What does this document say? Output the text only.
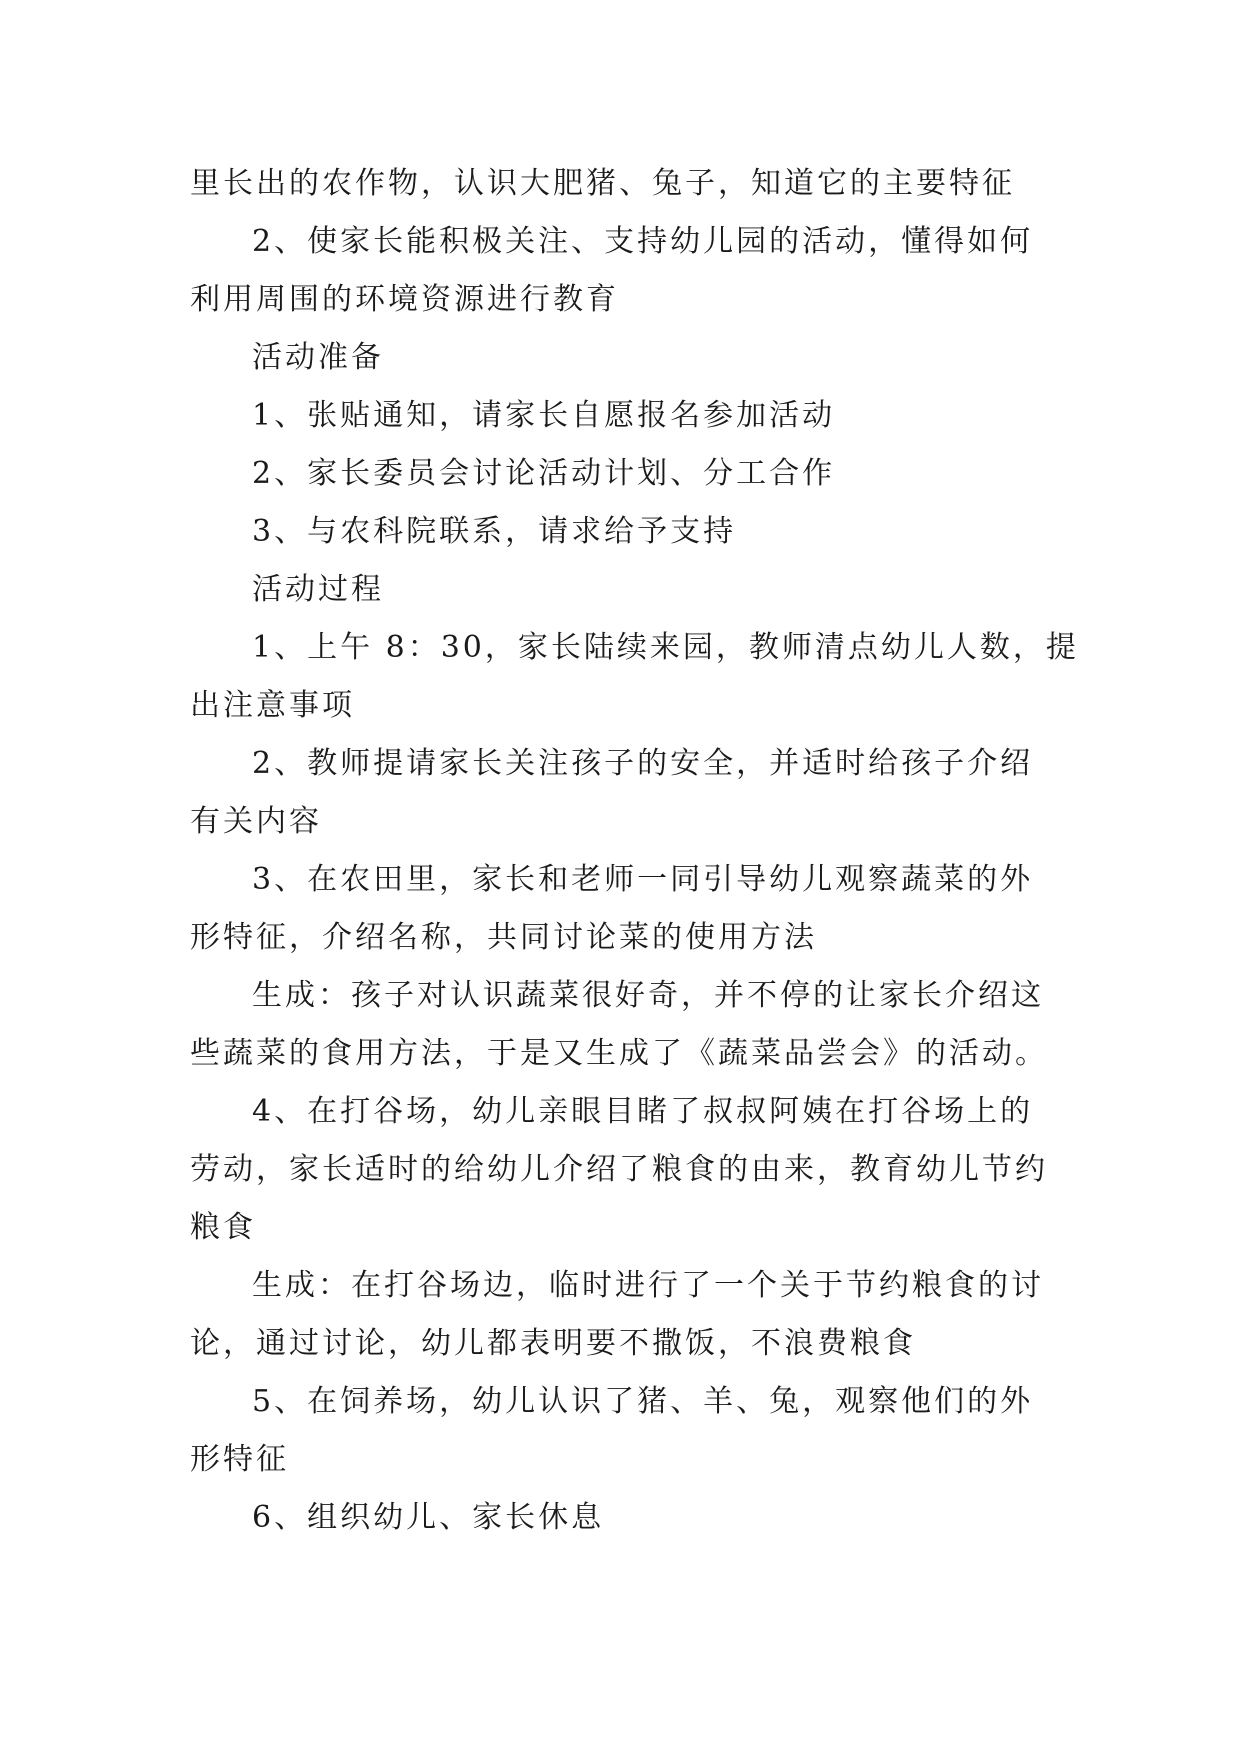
里长出的农作物，认识大肥猪、兔子，知道它的主要特征
2、使家长能积极关注、支持幼儿园的活动，懂得如何
利用周围的环境资源进行教育
活动准备
1、张贴通知，请家长自愿报名参加活动
2、家长委员会讨论活动计划、分工合作
3、与农科院联系，请求给予支持
活动过程
1、上午 8：30，家长陆续来园，教师清点幼儿人数，提
出注意事项
2、教师提请家长关注孩子的安全，并适时给孩子介绍
有关内容
3、在农田里，家长和老师一同引导幼儿观察蔬菜的外
形特征，介绍名称，共同讨论菜的使用方法
生成：孩子对认识蔬菜很好奇，并不停的让家长介绍这
些蔬菜的食用方法，于是又生成了《蔬菜品尝会》的活动。
4、在打谷场，幼儿亲眼目睹了叔叔阿姨在打谷场上的
劳动，家长适时的给幼儿介绍了粮食的由来，教育幼儿节约
粮食
生成：在打谷场边，临时进行了一个关于节约粮食的讨
论，通过讨论，幼儿都表明要不撒饭，不浪费粮食
5、在饲养场，幼儿认识了猪、羊、兔，观察他们的外
形特征
6、组织幼儿、家长休息
